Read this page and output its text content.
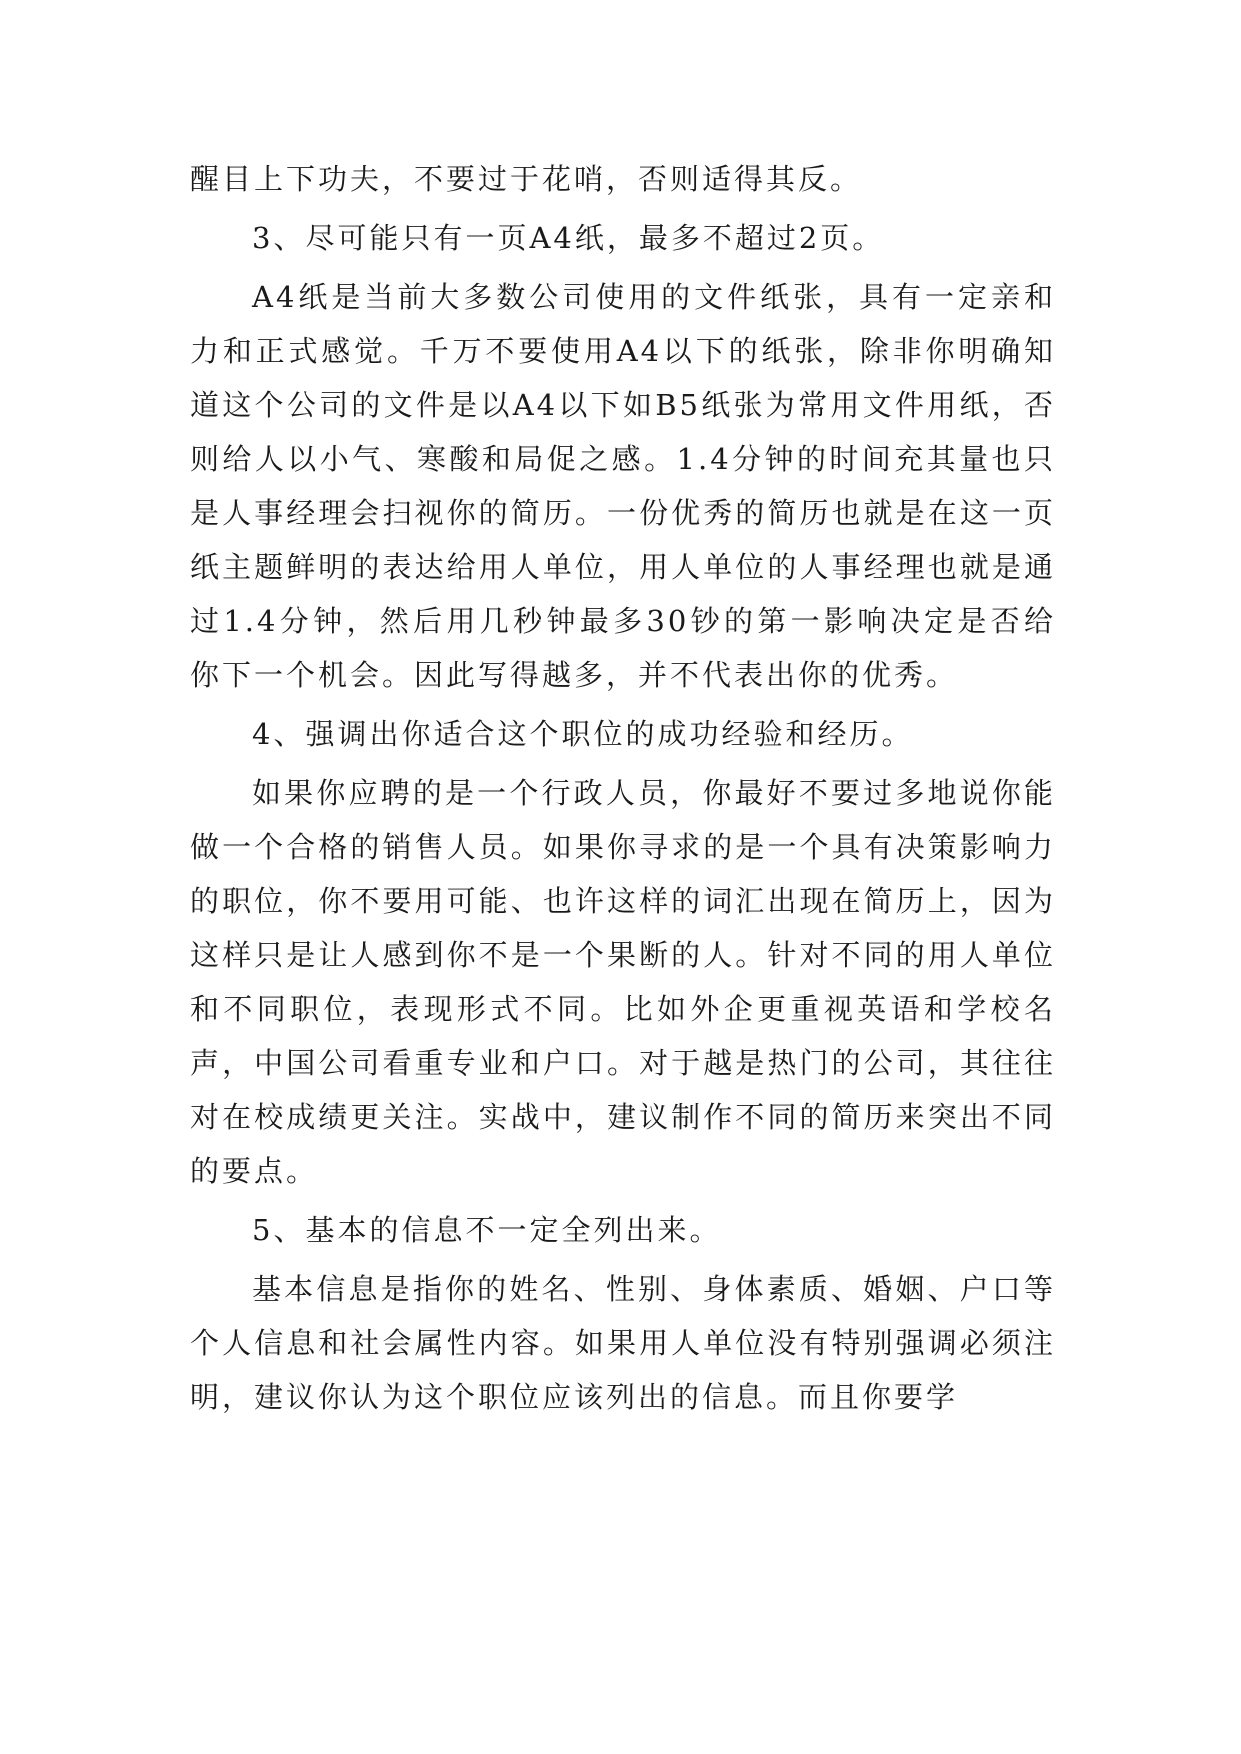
醒目上下功夫，不要过于花哨，否则适得其反。

3、尽可能只有一页A4纸，最多不超过2页。

A4纸是当前大多数公司使用的文件纸张，具有一定亲和力和正式感觉。千万不要使用A4以下的纸张，除非你明确知道这个公司的文件是以A4以下如B5纸张为常用文件用纸，否则给人以小气、寒酸和局促之感。1.4分钟的时间充其量也只是人事经理会扫视你的简历。一份优秀的简历也就是在这一页纸主题鲜明的表达给用人单位，用人单位的人事经理也就是通过1.4分钟，然后用几秒钟最多30钞的第一影响决定是否给你下一个机会。因此写得越多，并不代表出你的优秀。

4、强调出你适合这个职位的成功经验和经历。

如果你应聘的是一个行政人员，你最好不要过多地说你能做一个合格的销售人员。如果你寻求的是一个具有决策影响力的职位，你不要用可能、也许这样的词汇出现在简历上，因为这样只是让人感到你不是一个果断的人。针对不同的用人单位和不同职位，表现形式不同。比如外企更重视英语和学校名声，中国公司看重专业和户口。对于越是热门的公司，其往往对在校成绩更关注。实战中，建议制作不同的简历来突出不同的要点。

5、基本的信息不一定全列出来。

基本信息是指你的姓名、性别、身体素质、婚姻、户口等个人信息和社会属性内容。如果用人单位没有特别强调必须注明，建议你认为这个职位应该列出的信息。而且你要学
